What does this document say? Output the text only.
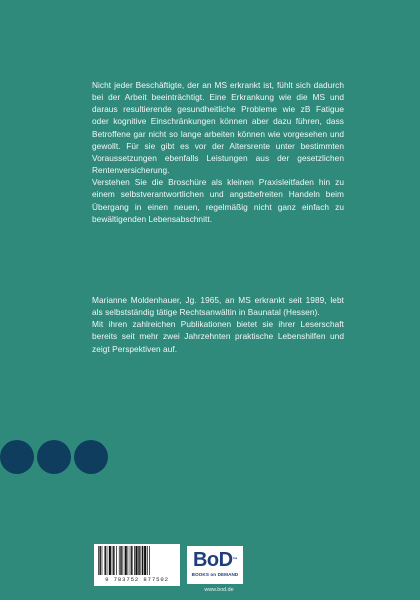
Nicht jeder Beschäftigte, der an MS erkrankt ist, fühlt sich dadurch bei der Arbeit beeinträchtigt. Eine Erkrankung wie die MS und daraus resultierende gesundheitliche Probleme wie zB Fatigue oder kognitive Einschränkungen können aber dazu führen, dass Betroffene gar nicht so lange arbeiten können wie vorgesehen und gewollt. Für sie gibt es vor der Altersrente unter bestimmten Voraussetzungen ebenfalls Leistungen aus der gesetzlichen Rentenversicherung.

Verstehen Sie die Broschüre als kleinen Praxisleitfaden hin zu einem selbstverantwortlichen und angstbefreiten Handeln beim Übergang in einen neuen, regelmäßig nicht ganz einfach zu bewältigenden Lebensabschnitt.

Marianne Moldenhauer, Jg. 1965, an MS erkrankt seit 1989, lebt als selbstständig tätige Rechtsanwältin in Baunatal (Hessen).

Mit ihren zahlreichen Publikationen bietet sie ihrer Leserschaft bereits seit mehr zwei Jahrzehnten praktische Lebenshilfen und zeigt Perspektiven auf.

9 783752 877502
BoD™
BOOKS on DEMAND
www.bod.de
